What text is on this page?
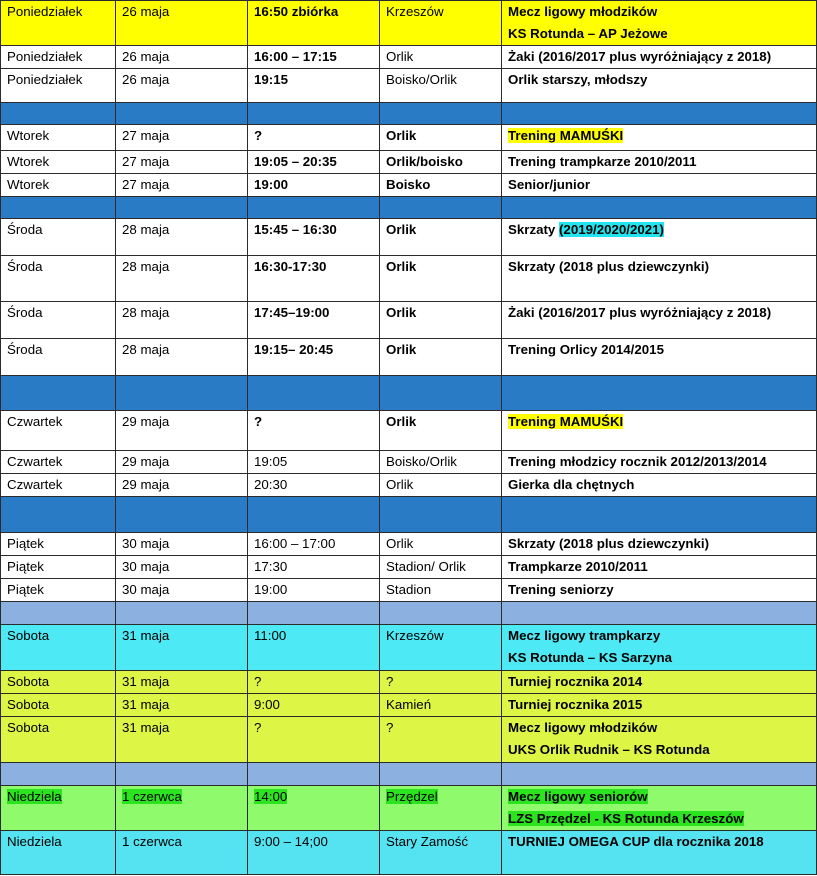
Poniedziałek	26 maja	16:50 zbiórka	Krzeszów	Mecz ligowy młodzików
KS Rotunda – AP Jeżowe
Poniedziałek	26 maja	16:00 – 17:15	Orlik	Żaki (2016/2017 plus wyróżniający z 2018)
Poniedziałek	26 maja	19:15	Boisko/Orlik	Orlik starszy, młodszy

Wtorek	27 maja	?	Orlik	Trening MAMUŚKI
Wtorek	27 maja	19:05 – 20:35	Orlik/boisko	Trening trampkarze 2010/2011
Wtorek	27 maja	19:00	Boisko	Senior/junior

Środa	28 maja	15:45 – 16:30	Orlik	Skrzaty (2019/2020/2021)
Środa	28 maja	16:30-17:30	Orlik	Skrzaty (2018 plus dziewczynki)
Środa	28 maja	17:45–19:00	Orlik	Żaki (2016/2017 plus wyróżniający z 2018)
Środa	28 maja	19:15– 20:45	Orlik	Trening Orlicy 2014/2015

Czwartek	29 maja	?	Orlik	Trening MAMUŚKI
Czwartek	29 maja	19:05	Boisko/Orlik	Trening młodzicy rocznik 2012/2013/2014
Czwartek	29 maja	20:30	Orlik	Gierka dla chętnych

Piątek	30 maja	16:00 – 17:00	Orlik	Skrzaty (2018 plus dziewczynki)
Piątek	30 maja	17:30	Stadion/ Orlik	Trampkarze 2010/2011
Piątek	30 maja	19:00	Stadion	Trening seniorzy

Sobota	31 maja	11:00	Krzeszów	Mecz ligowy trampkarzy
KS Rotunda – KS Sarzyna
Sobota	31 maja	?	?	Turniej rocznika 2014
Sobota	31 maja	9:00	Kamień	Turniej rocznika 2015
Sobota	31 maja	?	?	Mecz ligowy młodzików
UKS Orlik Rudnik – KS Rotunda

Niedziela	1 czerwca	14:00	Przędzel	Mecz ligowy seniorów
LZS Przędzel - KS Rotunda Krzeszów
Niedziela	1 czerwca	9:00 – 14;00	Stary Zamość	TURNIEJ OMEGA CUP dla rocznika 2018
